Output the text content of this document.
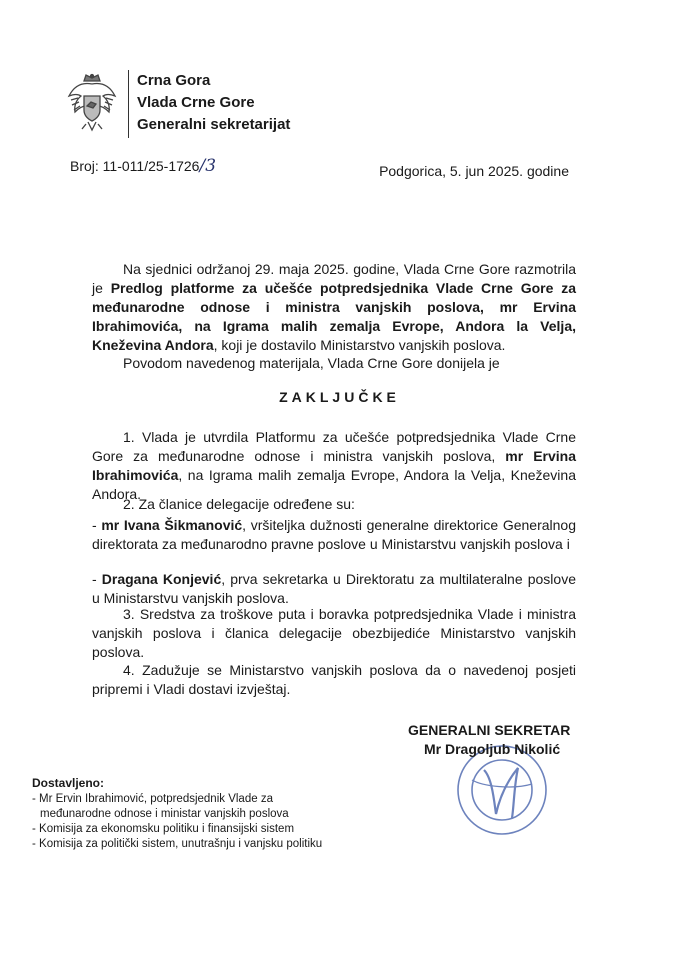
Crna Gora
Vlada Crne Gore
Generalni sekretarijat
Broj: 11-011/25-1726/3	Podgorica, 5. jun 2025. godine
Na sjednici održanoj 29. maja 2025. godine, Vlada Crne Gore razmotrila je Predlog platforme za učešće potpredsjednika Vlade Crne Gore za međunarodne odnose i ministra vanjskih poslova, mr Ervina Ibrahimovića, na Igrama malih zemalja Evrope, Andora la Velja, Kneževina Andora, koji je dostavilo Ministarstvo vanjskih poslova.
Povodom navedenog materijala, Vlada Crne Gore donijela je
ZAKLJUČKE
1. Vlada je utvrdila Platformu za učešće potpredsjednika Vlade Crne Gore za međunarodne odnose i ministra vanjskih poslova, mr Ervina Ibrahimovića, na Igrama malih zemalja Evrope, Andora la Velja, Kneževina Andora.
2. Za članice delegacije određene su:
- mr Ivana Šikmanović, vršiteljka dužnosti generalne direktorice Generalnog direktorata za međunarodno pravne poslove u Ministarstvu vanjskih poslova i
- Dragana Konjević, prva sekretarka u Direktoratu za multilateralne poslove u Ministarstvu vanjskih poslova.
3. Sredstva za troškove puta i boravka potpredsjednika Vlade i ministra vanjskih poslova i članica delegacije obezbijediće Ministarstvo vanjskih poslova.
4. Zadužuje se Ministarstvo vanjskih poslova da o navedenoj posjeti pripremi i Vladi dostavi izvještaj.
GENERALNI SEKRETAR
Mr Dragoljub Nikolić
Dostavljeno:
- Mr Ervin Ibrahimović, potpredsjednik Vlade za
međunarodne odnose i ministar vanjskih poslova
- Komisija za ekonomsku politiku i finansijski sistem
- Komisija za politički sistem, unutrašnju i vanjsku politiku
